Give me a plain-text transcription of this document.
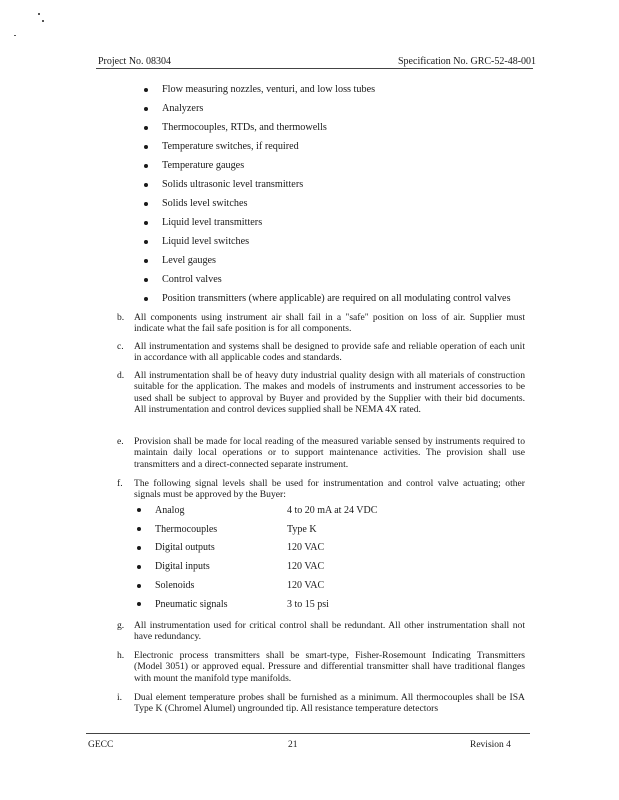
Project No. 08304	Specification No. GRC-52-48-001
Flow measuring nozzles, venturi, and low loss tubes
Analyzers
Thermocouples, RTDs, and thermowells
Temperature switches, if required
Temperature gauges
Solids ultrasonic level transmitters
Solids level switches
Liquid level transmitters
Liquid level switches
Level gauges
Control valves
Position transmitters (where applicable) are required on all modulating control valves
b. All components using instrument air shall fail in a "safe" position on loss of air. Supplier must indicate what the fail safe position is for all components.
c. All instrumentation and systems shall be designed to provide safe and reliable operation of each unit in accordance with all applicable codes and standards.
d. All instrumentation shall be of heavy duty industrial quality design with all materials of construction suitable for the application. The makes and models of instruments and instrument accessories to be used shall be subject to approval by Buyer and provided by the Supplier with their bid documents. All instrumentation and control devices supplied shall be NEMA 4X rated.
e. Provision shall be made for local reading of the measured variable sensed by instruments required to maintain daily local operations or to support maintenance activities. The provision shall use transmitters and a direct-connected separate instrument.
f. The following signal levels shall be used for instrumentation and control valve actuating; other signals must be approved by the Buyer:
Analog	4 to 20 mA at 24 VDC
Thermocouples	Type K
Digital outputs	120 VAC
Digital inputs	120 VAC
Solenoids	120 VAC
Pneumatic signals	3 to 15 psi
g. All instrumentation used for critical control shall be redundant. All other instrumentation shall not have redundancy.
h. Electronic process transmitters shall be smart-type, Fisher-Rosemount Indicating Transmitters (Model 3051) or approved equal. Pressure and differential transmitter shall have traditional flanges with mount the manifold type manifolds.
i. Dual element temperature probes shall be furnished as a minimum. All thermocouples shall be ISA Type K (Chromel Alumel) ungrounded tip. All resistance temperature detectors
GECC	21	Revision 4
